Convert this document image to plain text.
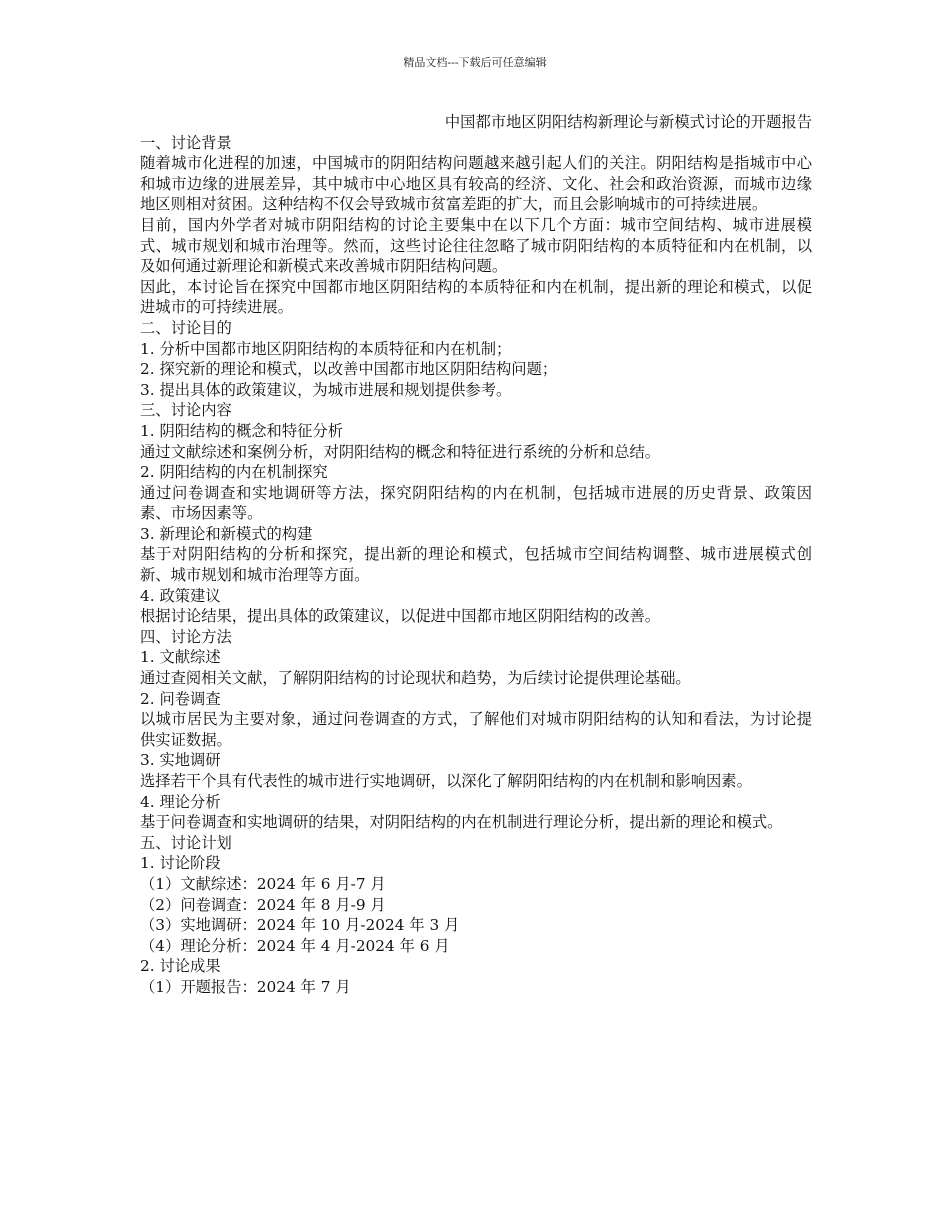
精品文档---下载后可任意编辑
中国都市地区阴阳结构新理论与新模式讨论的开题报告

一、讨论背景

随着城市化进程的加速，中国城市的阴阳结构问题越来越引起人们的关注。阴阳结构是指城市中心和城市边缘的进展差异，其中城市中心地区具有较高的经济、文化、社会和政治资源，而城市边缘地区则相对贫困。这种结构不仅会导致城市贫富差距的扩大，而且会影响城市的可持续进展。

目前，国内外学者对城市阴阳结构的讨论主要集中在以下几个方面：城市空间结构、城市进展模式、城市规划和城市治理等。然而，这些讨论往往忽略了城市阴阳结构的本质特征和内在机制，以及如何通过新理论和新模式来改善城市阴阳结构问题。

因此，本讨论旨在探究中国都市地区阴阳结构的本质特征和内在机制，提出新的理论和模式，以促进城市的可持续进展。

二、讨论目的

1. 分析中国都市地区阴阳结构的本质特征和内在机制；

2. 探究新的理论和模式，以改善中国都市地区阴阳结构问题；

3. 提出具体的政策建议，为城市进展和规划提供参考。

三、讨论内容

1. 阴阳结构的概念和特征分析

通过文献综述和案例分析，对阴阳结构的概念和特征进行系统的分析和总结。

2. 阴阳结构的内在机制探究

通过问卷调查和实地调研等方法，探究阴阳结构的内在机制，包括城市进展的历史背景、政策因素、市场因素等。

3. 新理论和新模式的构建

基于对阴阳结构的分析和探究，提出新的理论和模式，包括城市空间结构调整、城市进展模式创新、城市规划和城市治理等方面。

4. 政策建议

根据讨论结果，提出具体的政策建议，以促进中国都市地区阴阳结构的改善。

四、讨论方法

1. 文献综述

通过查阅相关文献，了解阴阳结构的讨论现状和趋势，为后续讨论提供理论基础。

2. 问卷调查

以城市居民为主要对象，通过问卷调查的方式，了解他们对城市阴阳结构的认知和看法，为讨论提供实证数据。

3. 实地调研

选择若干个具有代表性的城市进行实地调研，以深化了解阴阳结构的内在机制和影响因素。

4. 理论分析

基于问卷调查和实地调研的结果，对阴阳结构的内在机制进行理论分析，提出新的理论和模式。

五、讨论计划

1. 讨论阶段

（1）文献综述：2024 年 6 月-7 月

（2）问卷调查：2024 年 8 月-9 月

（3）实地调研：2024 年 10 月-2024 年 3 月

（4）理论分析：2024 年 4 月-2024 年 6 月

2. 讨论成果

（1）开题报告：2024 年 7 月
